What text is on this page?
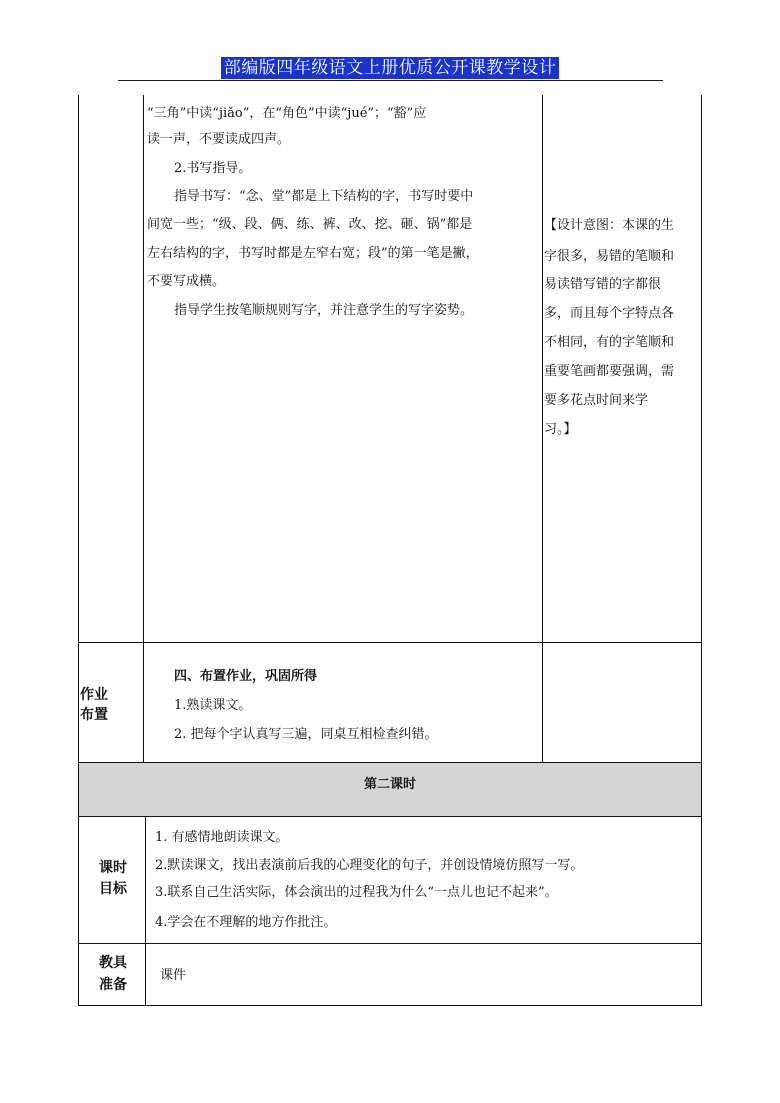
部编版四年级语文上册优质公开课教学设计
“三角”中读“jiǎo”，在“角色”中读“jué”；“豁”应
读一声，不要读成四声。
2.书写指导。
指导书写：“念、堂”都是上下结构的字，书写时要中
间宽一些；“级、段、俩、练、裤、改、挖、砸、锅”都是
左右结构的字，书写时都是左窄右宽；段”的第一笔是撇，
不要写成横。
指导学生按笔顺规则写字，并注意学生的写字姿势。
【设计意图：本课的生
字很多，易错的笔顺和
易读错写错的字都很
多，而且每个字特点各
不相同，有的字笔顺和
重要笔画都要强调，需
要多花点时间来学
习。】
作业
布置
四、布置作业，巩固所得
1.熟读课文。
2. 把每个字认真写三遍，同桌互相检查纠错。
第二课时
课时
目标
1. 有感情地朗读课文。
2.默读课文，找出表演前后我的心理变化的句子，并创设情境仿照写一写。
3.联系自己生活实际，体会演出的过程我为什么“一点儿也记不起来”。
4.学会在不理解的地方作批注。
教具
准备
课件
